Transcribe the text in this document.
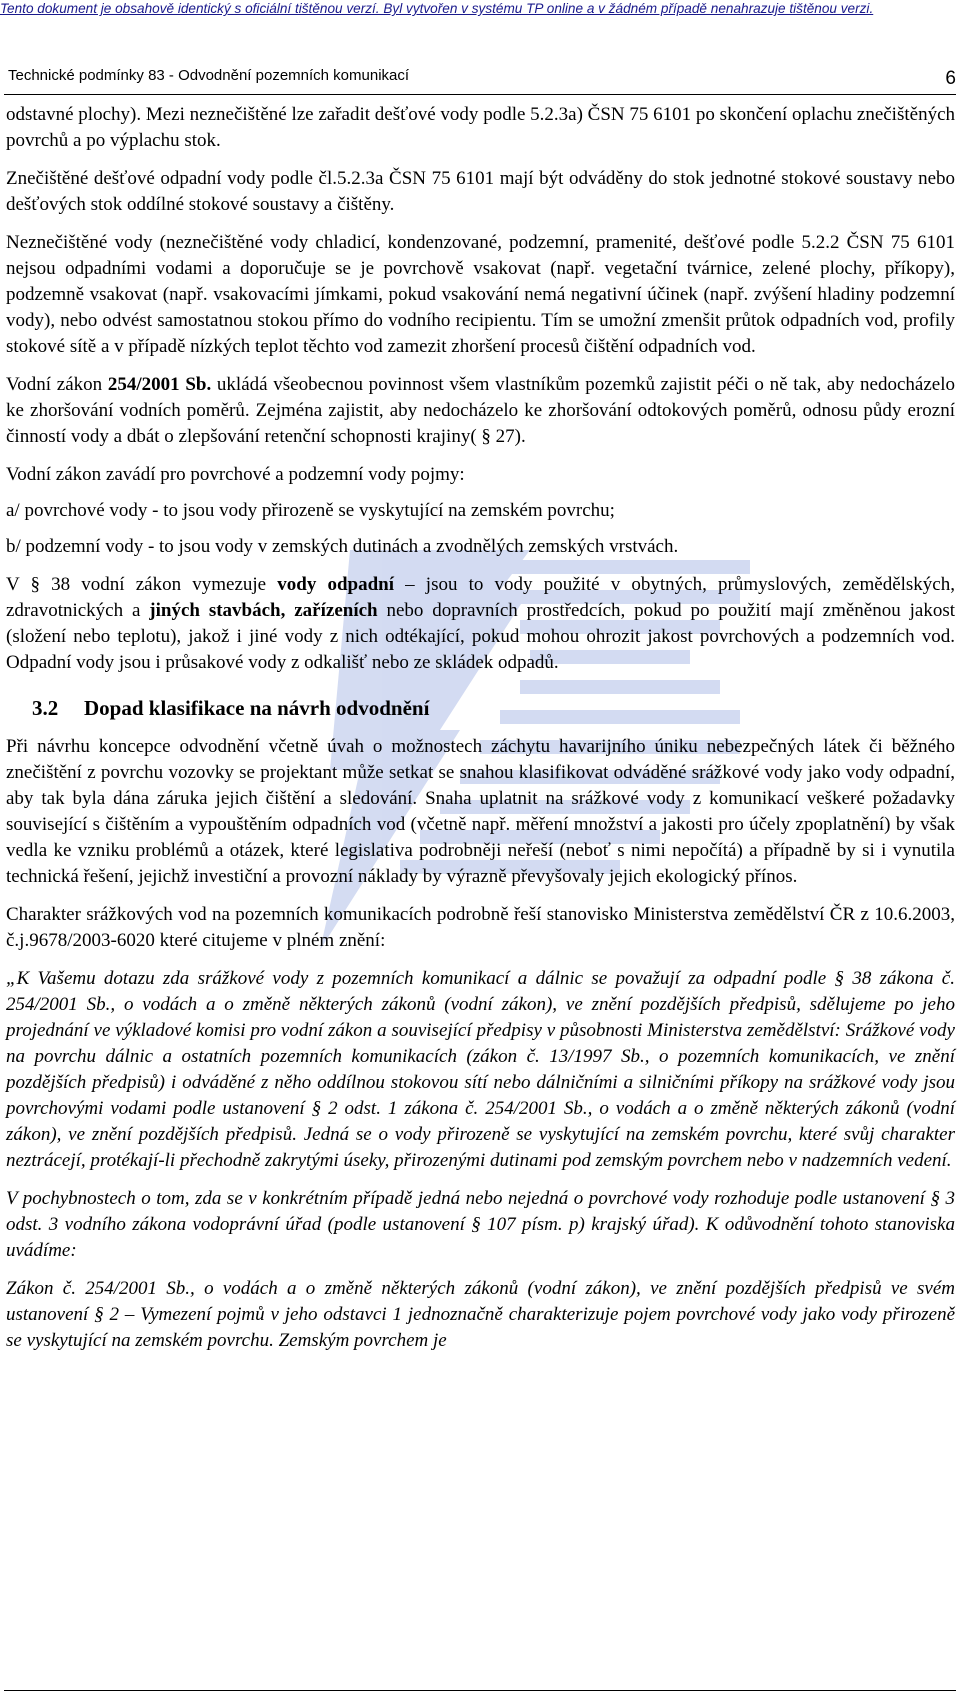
Tento dokument je obsahově identický s oficiální tištěnou verzí. Byl vytvořen v systému TP online a v žádném případě nenahrazuje tištěnou verzi.
Technické podmínky 83 - Odvodnění pozemních komunikací	6

odstavné plochy). Mezi neznečištěné lze zařadit dešťové vody podle 5.2.3a) ČSN 75 6101 po skončení oplachu znečištěných povrchů a po výplachu stok.

Znečištěné dešťové odpadní vody podle čl.5.2.3a ČSN 75 6101 mají být odváděny do stok jednotné stokové soustavy nebo dešťových stok oddílné stokové soustavy a čištěny.

Neznečištěné vody (neznečištěné vody chladicí, kondenzované, podzemní, pramenité, dešťové podle 5.2.2 ČSN 75 6101 nejsou odpadními vodami a doporučuje se je povrchově vsakovat (např. vegetační tvárnice, zelené plochy, příkopy), podzemně vsakovat (např. vsakovacími jímkami, pokud vsakování nemá negativní účinek (např. zvýšení hladiny podzemní vody), nebo odvést samostatnou stokou přímo do vodního recipientu. Tím se umožní zmenšit průtok odpadních vod, profily stokové sítě a v případě nízkých teplot těchto vod zamezit zhoršení procesů čištění odpadních vod.

Vodní zákon 254/2001 Sb. ukládá všeobecnou povinnost všem vlastníkům pozemků zajistit péči o ně tak, aby nedocházelo ke zhoršování vodních poměrů. Zejména zajistit, aby nedocházelo ke zhoršování odtokových poměrů, odnosu půdy erozní činností vody a dbát o zlepšování retenční schopnosti krajiny( § 27).

Vodní zákon zavádí pro povrchové a podzemní vody pojmy:

a/ povrchové vody - to jsou vody přirozeně se vyskytující na zemském povrchu;

b/ podzemní vody - to jsou vody v zemských dutinách a zvodnělých zemských vrstvách.

V § 38 vodní zákon vymezuje vody odpadní – jsou to vody použité v obytných, průmyslových, zemědělských, zdravotnických a jiných stavbách, zařízeních nebo dopravních prostředcích, pokud po použití mají změněnou jakost (složení nebo teplotu), jakož i jiné vody z nich odtékající, pokud mohou ohrozit jakost povrchových a podzemních vod. Odpadní vody jsou i průsakové vody z odkališť nebo ze skládek odpadů.

3.2 Dopad klasifikace na návrh odvodnění

Při návrhu koncepce odvodnění včetně úvah o možnostech záchytu havarijního úniku nebezpečných látek či běžného znečištění z povrchu vozovky se projektant může setkat se snahou klasifikovat odváděné srážkové vody jako vody odpadní, aby tak byla dána záruka jejich čištění a sledování. Snaha uplatnit na srážkové vody z komunikací veškeré požadavky související s čištěním a vypouštěním odpadních vod (včetně např. měření množství a jakosti pro účely zpoplatnění) by však vedla ke vzniku problémů a otázek, které legislativa podrobněji neřeší (neboť s nimi nepočítá) a případně by si i vynutila technická řešení, jejichž investiční a provozní náklady by výrazně převyšovaly jejich ekologický přínos.

Charakter srážkových vod na pozemních komunikacích podrobně řeší stanovisko Ministerstva zemědělství ČR z 10.6.2003, č.j.9678/2003-6020 které citujeme v plném znění:

„K Vašemu dotazu zda srážkové vody z pozemních komunikací a dálnic se považují za odpadní podle § 38 zákona č. 254/2001 Sb., o vodách a o změně některých zákonů (vodní zákon), ve znění pozdějších předpisů, sdělujeme po jeho projednání ve výkladové komisi pro vodní zákon a související předpisy v působnosti Ministerstva zemědělství: Srážkové vody na povrchu dálnic a ostatních pozemních komunikacích (zákon č. 13/1997 Sb., o pozemních komunikacích, ve znění pozdějších předpisů) i odváděné z něho oddílnou stokovou sítí nebo dálničními a silničními příkopy na srážkové vody jsou povrchovými vodami podle ustanovení § 2 odst. 1 zákona č. 254/2001 Sb., o vodách a o změně některých zákonů (vodní zákon), ve znění pozdějších předpisů. Jedná se o vody přirozeně se vyskytující na zemském povrchu, které svůj charakter neztrácejí, protékají-li přechodně zakrytými úseky, přirozenými dutinami pod zemským povrchem nebo v nadzemních vedení.

V pochybnostech o tom, zda se v konkrétním případě jedná nebo nejedná o povrchové vody rozhoduje podle ustanovení § 3 odst. 3 vodního zákona vodoprávní úřad (podle ustanovení § 107 písm. p) krajský úřad). K odůvodnění tohoto stanoviska uvádíme:

Zákon č. 254/2001 Sb., o vodách a o změně některých zákonů (vodní zákon), ve znění pozdějších předpisů ve svém ustanovení § 2 – Vymezení pojmů v jeho odstavci 1 jednoznačně charakterizuje pojem povrchové vody jako vody přirozeně se vyskytující na zemském povrchu. Zemským povrchem je
